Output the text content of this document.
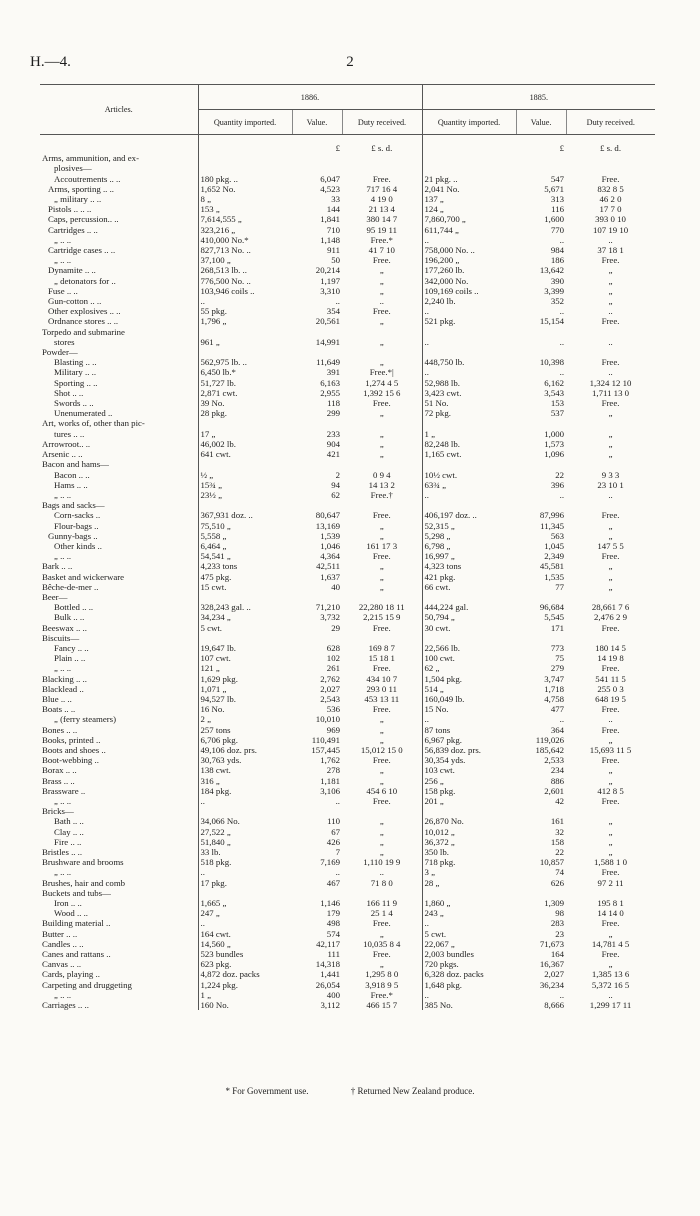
H.—4.	2
Articles.	1886.			1885.		
	Quantity imported.	Value.	Duty received.	Quantity imported.	Value.	Duty received.

		£	£ s. d.		£	£ s. d.
Arms, ammunition, and ex-						
plosives—						
Accoutrements .. ..	180 pkg. ..	6,047	Free.	21 pkg. ..	547	Free.
Arms, sporting .. ..	1,652 No.	4,523	717 16 4	2,041 No.	5,671	832 8 5
„ military .. ..	8 „	33	4 19 0	137 „	313	46 2 0
Pistols .. .. ..	153 „	144	21 13 4	124 „	116	17 7 0
Caps, percussion.. ..	7,614,555 „	1,841	380 14 7	7,860,700 „	1,600	393 0 10
Cartridges .. ..	323,216 „	710	95 19 11	611,744 „	770	107 19 10
„ .. ..	410,000 No.*	1,148	Free.*	..	..	..
Cartridge cases .. ..	827,713 No. ..	911	41 7 10	758,000 No. ..	984	37 18 1
„ .. ..	37,100 „	50	Free.	196,200 „	186	Free.
Dynamite .. ..	268,513 lb. ..	20,214	„	177,260 lb.	13,642	„
„ detonators for ..	776,500 No. ..	1,197	„	342,000 No.	390	„
Fuse .. ..	103,946 coils ..	3,310	„	109,169 coils ..	3,399	„
Gun-cotton .. ..	..	..	..	2,240 lb.	352	„
Other explosives .. ..	55 pkg.	354	Free.	..	..	..
Ordnance stores .. ..	1,796 „	20,561	„	521 pkg.	15,154	Free.
Torpedo and submarine						
stores	961 „	14,991	„	..	..	..
Powder—						
Blasting .. ..	562,975 lb. ..	11,649	„	448,750 lb.	10,398	Free.
Military .. ..	6,450 lb.*	391	Free.*|	..	..	..
Sporting .. ..	51,727 lb.	6,163	1,274 4 5	52,988 lb.	6,162	1,324 12 10
Shot .. ..	2,871 cwt.	2,955	1,392 15 6	3,423 cwt.	3,543	1,711 13 0
Swords .. ..	39 No.	118	Free.	51 No.	153	Free.
Unenumerated ..	28 pkg.	299	„	72 pkg.	537	„
Art, works of, other than pic-						
tures .. ..	17 „	233	„	1 „	1,000	„
Arrowroot.. ..	46,002 lb.	904	„	82,248 lb.	1,573	„
Arsenic .. ..	641 cwt.	421	„	1,165 cwt.	1,096	„
Bacon and hams—						
Bacon .. ..	½ „	2	0 9 4	10½ cwt.	22	9 3 3
Hams .. ..	15¾ „	94	14 13 2	63¾ „	396	23 10 1
„ .. ..	23½ „	62	Free.†	..	..	..
Bags and sacks—						
Corn-sacks ..	367,931 doz. ..	80,647	Free.	406,197 doz. ..	87,996	Free.
Flour-bags ..	75,510 „	13,169	„	52,315 „	11,345	„
Gunny-bags ..	5,558 „	1,539	„	5,298 „	563	„
Other kinds ..	6,464 „	1,046	161 17 3	6,798 „	1,045	147 5 5
„ .. ..	54,541 „	4,364	Free.	16,997 „	2,349	Free.
Bark .. ..	4,233 tons	42,511	„	4,323 tons	45,581	„
Basket and wickerware	475 pkg.	1,637	„	421 pkg.	1,535	„
Bêche-de-mer ..	15 cwt.	40	„	66 cwt.	77	„
Beer—						
Bottled .. ..	328,243 gal. ..	71,210	22,280 18 11	444,224 gal.	96,684	28,661 7 6
Bulk .. ..	34,234 „	3,732	2,215 15 9	50,794 „	5,545	2,476 2 9
Beeswax .. ..	5 cwt.	29	Free.	30 cwt.	171	Free.
Biscuits—						
Fancy .. ..	19,647 lb.	628	169 8 7	22,566 lb.	773	180 14 5
Plain .. ..	107 cwt.	102	15 18 1	100 cwt.	75	14 19 8
„ .. ..	121 „	261	Free.	62 „	279	Free.
Blacking .. ..	1,629 pkg.	2,762	434 10 7	1,504 pkg.	3,747	541 11 5
Blacklead ..	1,071 „	2,027	293 0 11	514 „	1,718	255 0 3
Blue .. ..	94,527 lb.	2,543	453 13 11	160,049 lb.	4,758	648 19 5
Boats .. ..	16 No.	536	Free.	15 No.	477	Free.
„ (ferry steamers)	2 „	10,010	„	..	..	..
Bones .. ..	257 tons	969	„	87 tons	364	Free.
Books, printed ..	6,706 pkg.	110,491	„	6,967 pkg.	119,026	„
Boots and shoes ..	49,106 doz. prs.	157,445	15,012 15 0	56,839 doz. prs.	185,642	15,693 11 5
Boot-webbing ..	30,763 yds.	1,762	Free.	30,354 yds.	2,533	Free.
Borax .. ..	138 cwt.	278	„	103 cwt.	234	„
Brass .. ..	316 „	1,181	„	256 „	886	„
Brassware ..	184 pkg.	3,106	454 6 10	158 pkg.	2,601	412 8 5
„ .. ..	..	..	Free.	201 „	42	Free.
Bricks—						
Bath .. ..	34,066 No.	110	„	26,870 No.	161	„
Clay .. ..	27,522 „	67	„	10,012 „	32	„
Fire .. ..	51,840 „	426	„	36,372 „	158	„
Bristles .. ..	33 lb.	7	„	350 lb.	22	„
Brushware and brooms	518 pkg.	7,169	1,110 19 9	718 pkg.	10,857	1,588 1 0
„ .. ..	..	..	..	3 „	74	Free.
Brushes, hair and comb	17 pkg.	467	71 8 0	28 „	626	97 2 11
Buckets and tubs—						
Iron .. ..	1,665 „	1,146	166 11 9	1,860 „	1,309	195 8 1
Wood .. ..	247 „	179	25 1 4	243 „	98	14 14 0
Building material ..	..	498	Free.	..	283	Free.
Butter .. ..	164 cwt.	574	„	5 cwt.	23	„
Candles .. ..	14,560 „	42,117	10,035 8 4	22,067 „	71,673	14,781 4 5
Canes and rattans ..	523 bundles	111	Free.	2,003 bundles	164	Free.
Canvas .. ..	623 pkg.	14,318	„	720 pkgs.	16,367	„
Cards, playing ..	4,872 doz. packs	1,441	1,295 8 0	6,328 doz. packs	2,027	1,385 13 6
Carpeting and druggeting	1,224 pkg.	26,054	3,918 9 5	1,648 pkg.	36,234	5,372 16 5
„ .. ..	1 „	400	Free.*	..	..	..
Carriages .. ..	160 No.	3,112	466 15 7	385 No.	8,666	1,299 17 11
* For Government use.	† Returned New Zealand produce.
